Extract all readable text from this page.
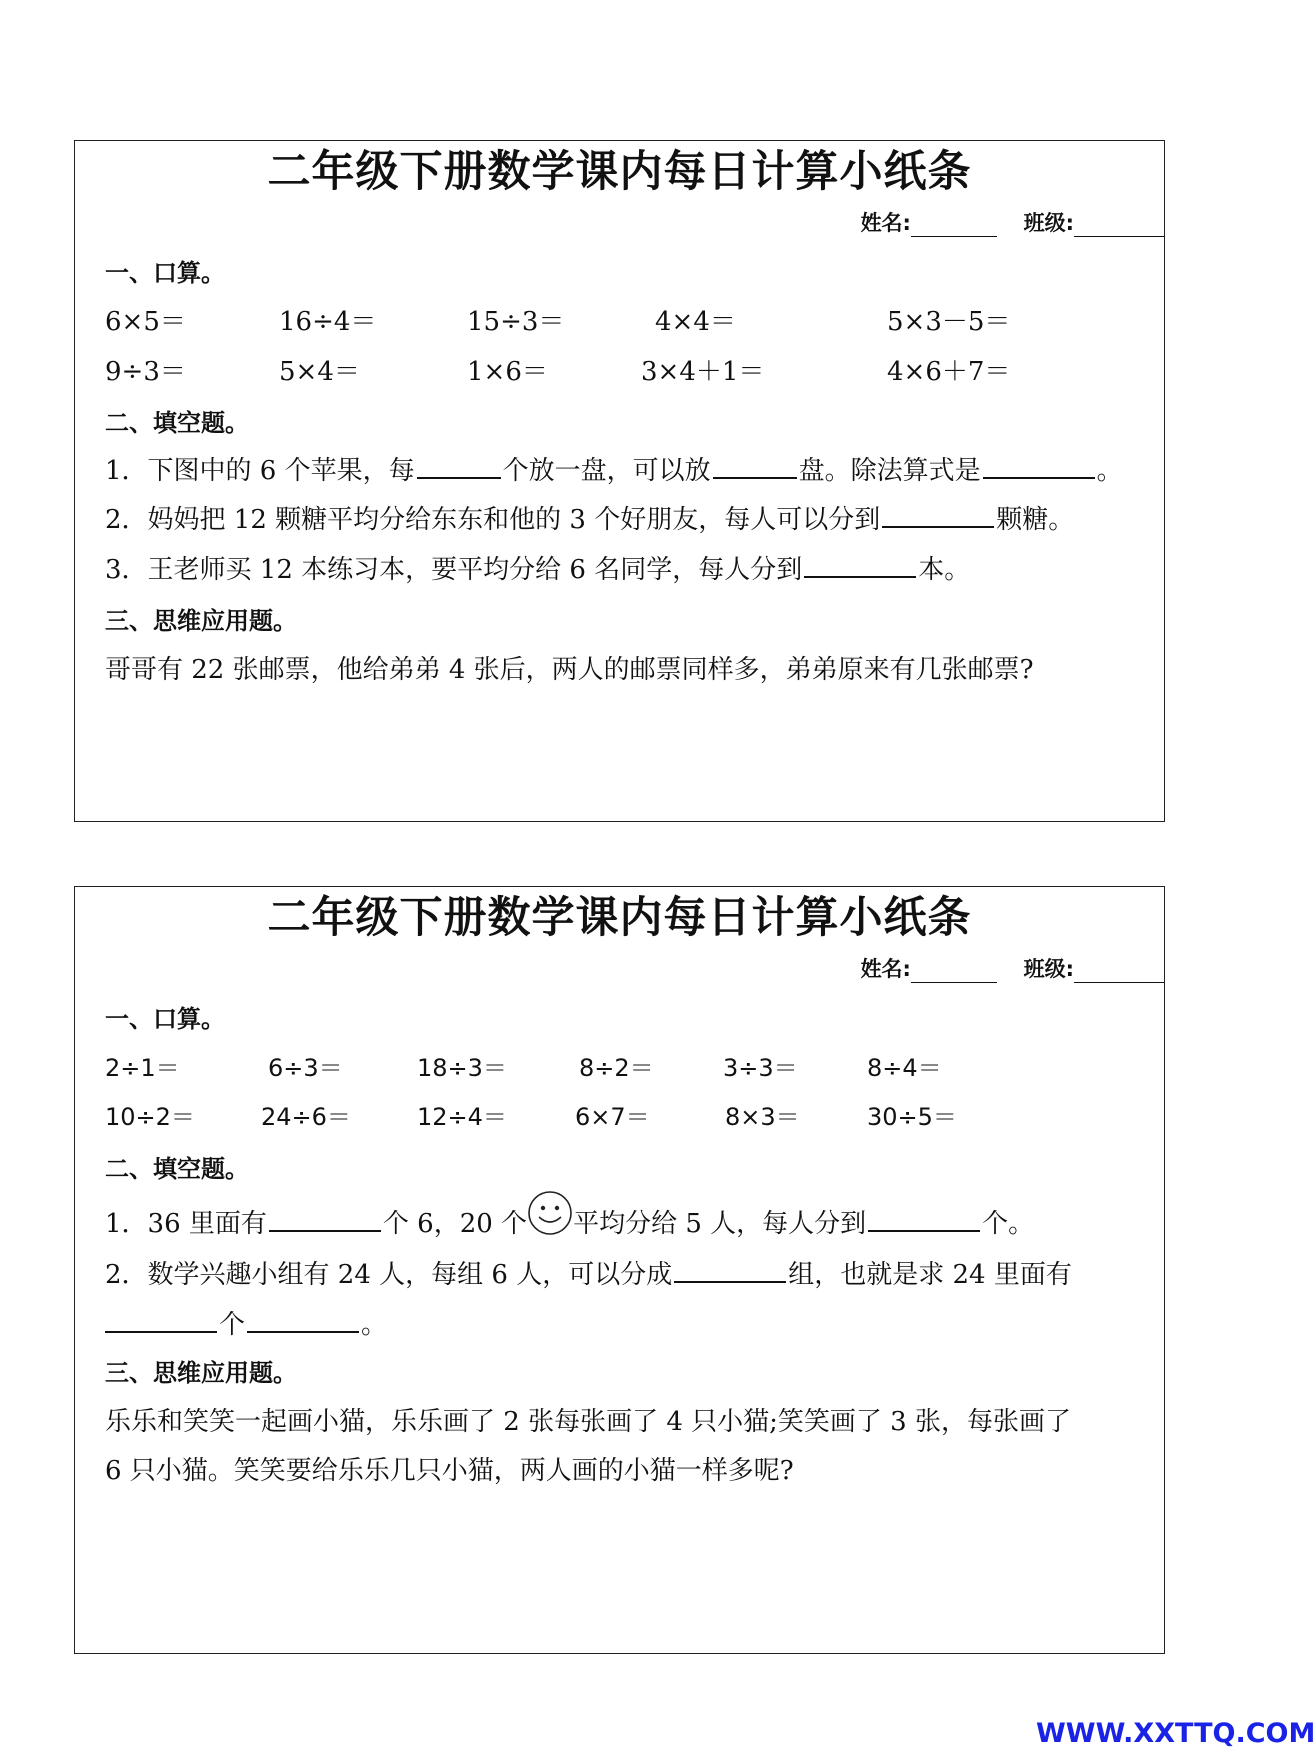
二年级下册数学课内每日计算小纸条
姓名:	班级:
一、口算。
6×5＝	16÷4＝	15÷3＝	4×4＝	5×3－5＝
9÷3＝	5×4＝	1×6＝	3×4＋1＝	4×6＋7＝
二、填空题。
1．下图中的 6 个苹果，每	个放一盘，可以放	盘。除法算式是	。
2．妈妈把 12 颗糖平均分给东东和他的 3 个好朋友，每人可以分到	颗糖。
3．王老师买 12 本练习本，要平均分给 6 名同学，每人分到	本。
三、思维应用题。
哥哥有 22 张邮票，他给弟弟 4 张后，两人的邮票同样多，弟弟原来有几张邮票?
二年级下册数学课内每日计算小纸条
姓名:	班级:
一、口算。
2÷1＝	6÷3＝	18÷3＝	8÷2＝	3÷3＝	8÷4＝
10÷2＝	24÷6＝	12÷4＝	6×7＝	8×3＝	30÷5＝
二、填空题。
1．36 里面有	个 6，20 个 平均分给 5 人，每人分到	个。
2．数学兴趣小组有 24 人，每组 6 人，可以分成	组，也就是求 24 里面有
个	。
三、思维应用题。
乐乐和笑笑一起画小猫，乐乐画了 2 张每张画了 4 只小猫;笑笑画了 3 张，每张画了
6 只小猫。笑笑要给乐乐几只小猫，两人画的小猫一样多呢?
WWW.XXTTQ.COM
